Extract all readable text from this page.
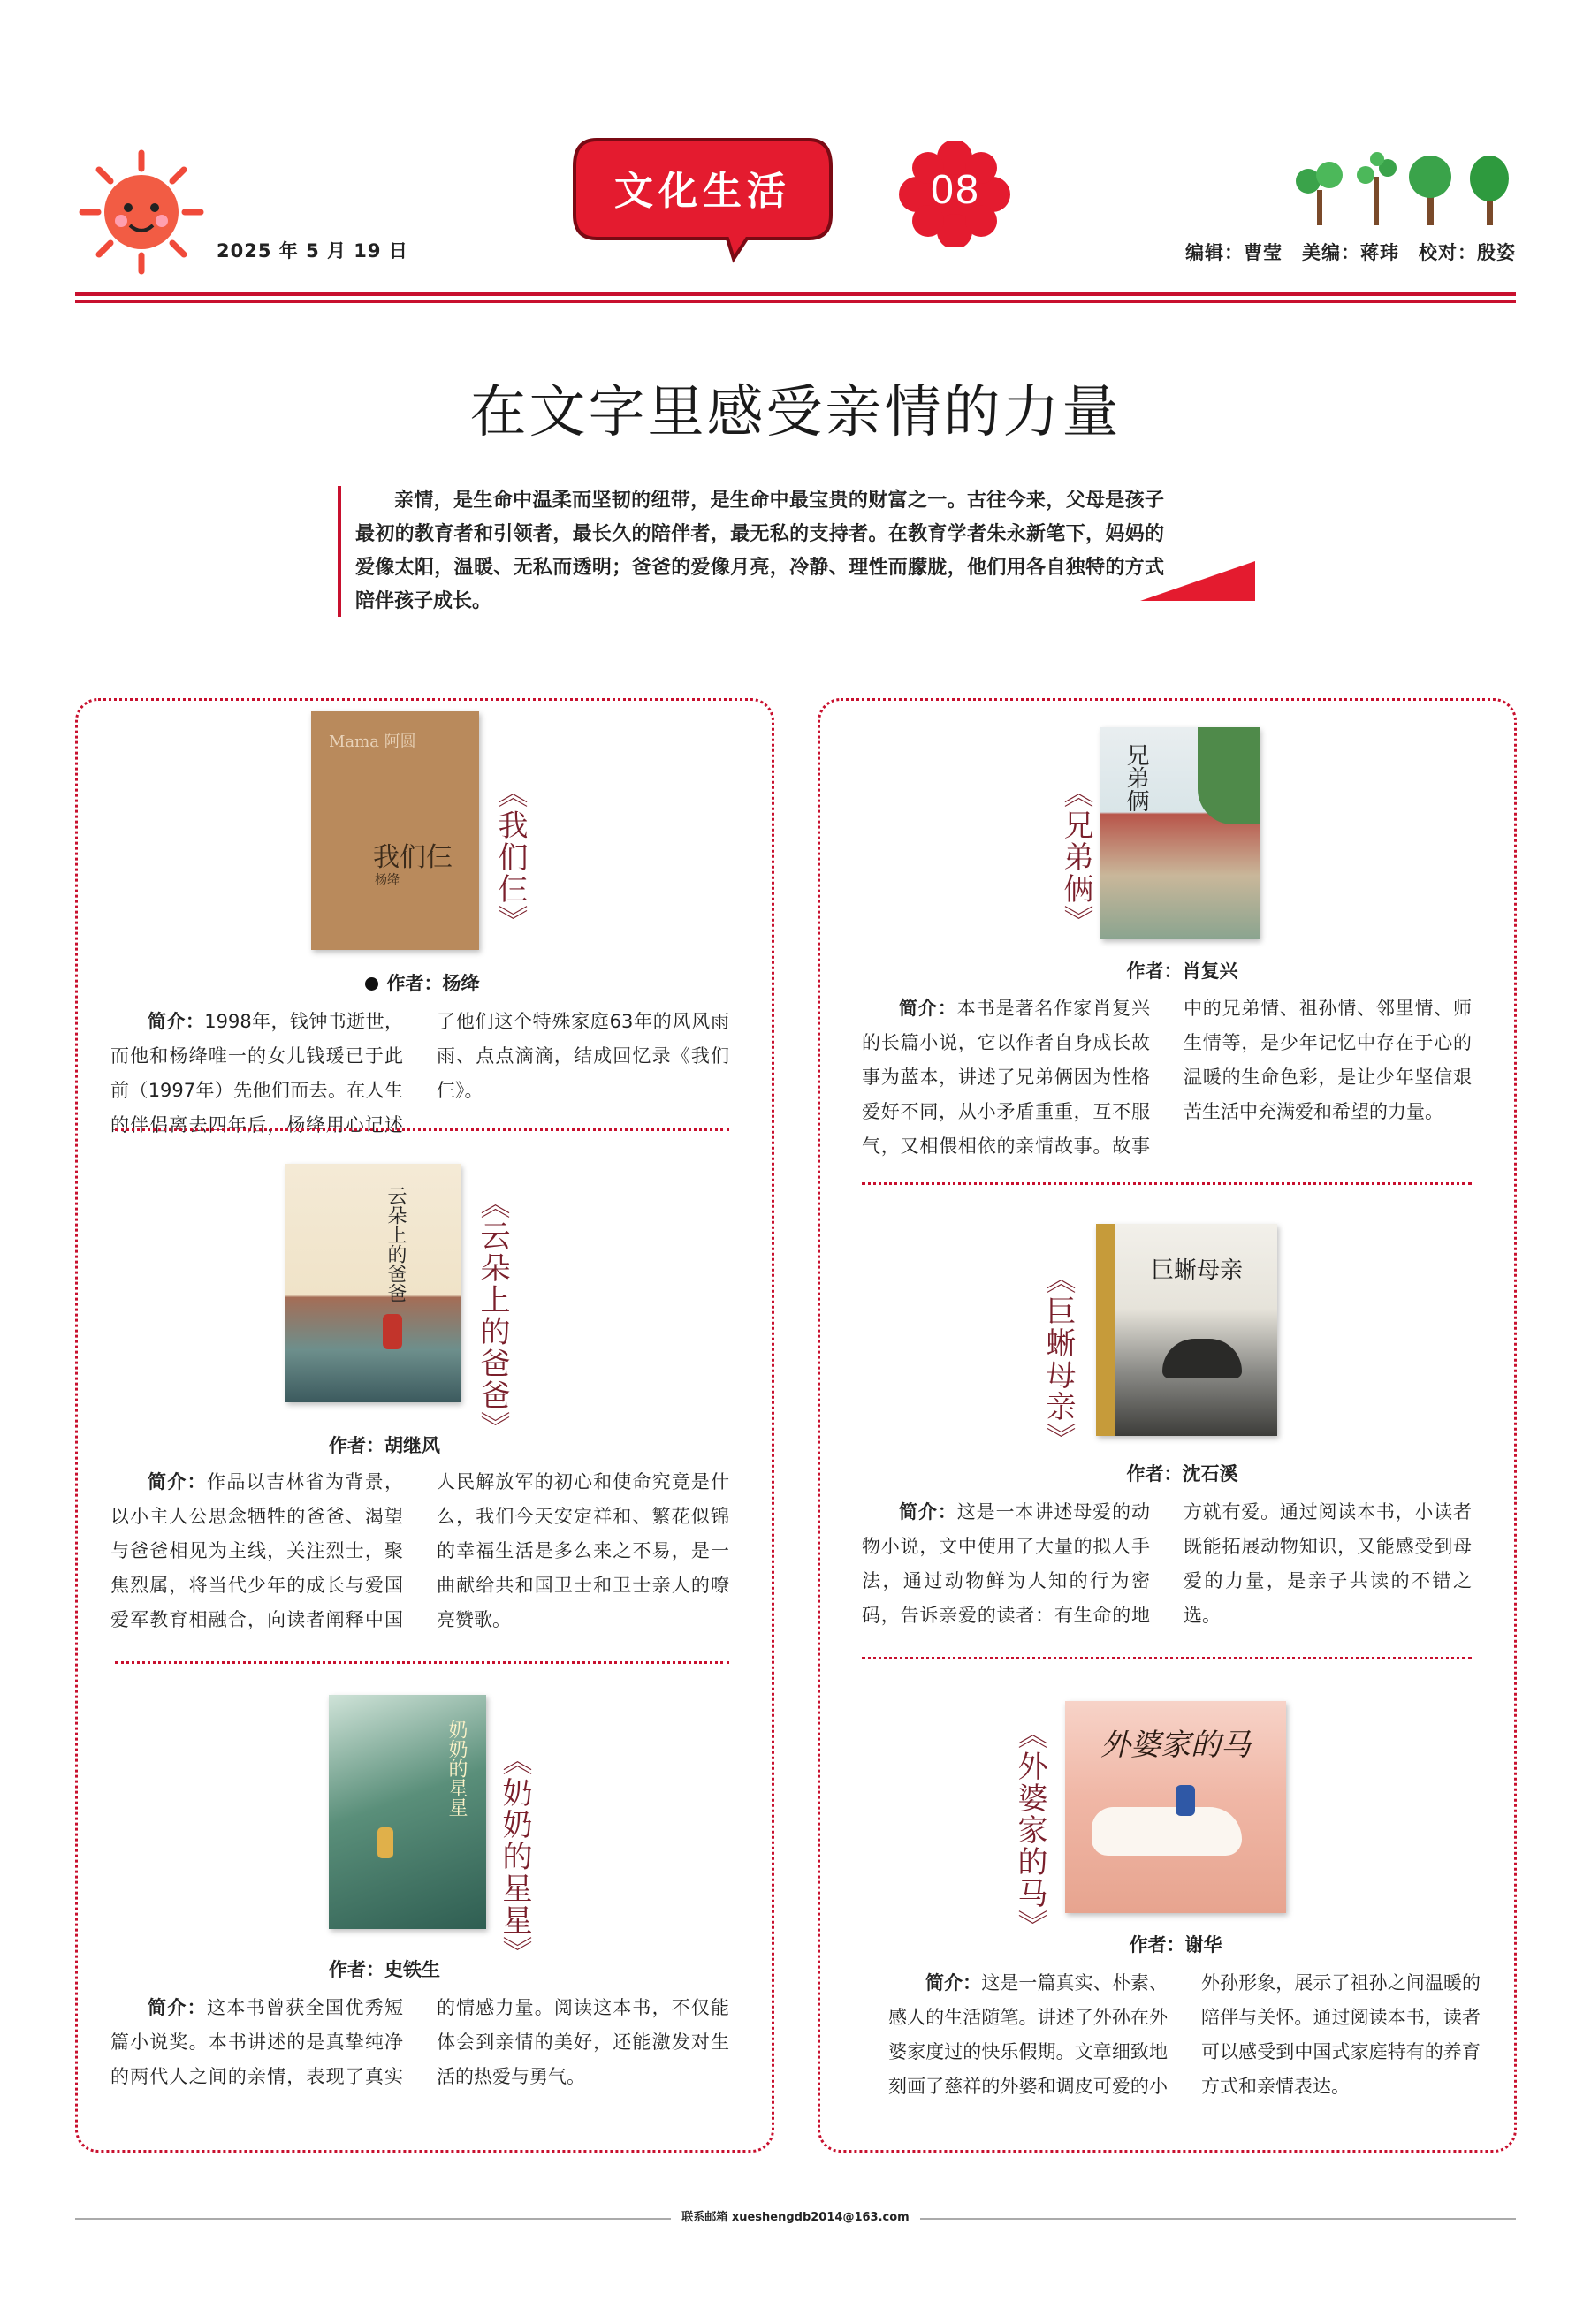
2025 年 5 月 19 日
文化生活	08
编辑：曹莹　美编：蒋玮　校对：殷姿
在文字里感受亲情的力量
亲情，是生命中温柔而坚韧的纽带，是生命中最宝贵的财富之一。古往今来，父母是孩子最初的教育者和引领者，最长久的陪伴者，最无私的支持者。在教育学者朱永新笔下，妈妈的爱像太阳，温暖、无私而透明；爸爸的爱像月亮，冷静、理性而朦胧，他们用各自独特的方式陪伴孩子成长。
Mama 阿圆
我们仨
杨绛	《我们仨》
作者：杨绛
简介：1998年，钱钟书逝世，而他和杨绛唯一的女儿钱瑗已于此前（1997年）先他们而去。在人生的伴侣离去四年后，杨绛用心记述了他们这个特殊家庭63年的风风雨雨、点点滴滴，结成回忆录《我们仨》。
云朵上的爸爸 《云朵上的爸爸》
作者：胡继风
简介：作品以吉林省为背景，以小主人公思念牺牲的爸爸、渴望与爸爸相见为主线，关注烈士，聚焦烈属，将当代少年的成长与爱国爱军教育相融合，向读者阐释中国人民解放军的初心和使命究竟是什么，我们今天安定祥和、繁花似锦的幸福生活是多么来之不易，是一曲献给共和国卫士和卫士亲人的嘹亮赞歌。
奶奶的星星 《奶奶的星星》
作者：史铁生
简介：这本书曾获全国优秀短篇小说奖。本书讲述的是真挚纯净的两代人之间的亲情，表现了真实的情感力量。阅读这本书，不仅能体会到亲情的美好，还能激发对生活的热爱与勇气。
兄弟俩
《兄弟俩》
作者：肖复兴
简介：本书是著名作家肖复兴的长篇小说，它以作者自身成长故事为蓝本，讲述了兄弟俩因为性格爱好不同，从小矛盾重重，互不服气，又相偎相依的亲情故事。故事中的兄弟情、祖孙情、邻里情、师生情等，是少年记忆中存在于心的温暖的生命色彩，是让少年坚信艰苦生活中充满爱和希望的力量。
巨蜥母亲
《巨蜥母亲》
作者：沈石溪
简介：这是一本讲述母爱的动物小说，文中使用了大量的拟人手法，通过动物鲜为人知的行为密码，告诉亲爱的读者：有生命的地方就有爱。通过阅读本书，小读者既能拓展动物知识，又能感受到母爱的力量，是亲子共读的不错之选。
外婆家的马
《外婆家的马》
作者：谢华
简介：这是一篇真实、朴素、感人的生活随笔。讲述了外孙在外婆家度过的快乐假期。文章细致地刻画了慈祥的外婆和调皮可爱的小外孙形象，展示了祖孙之间温暖的陪伴与关怀。通过阅读本书，读者可以感受到中国式家庭特有的养育方式和亲情表达。
联系邮箱 xueshengdb2014@163.com
